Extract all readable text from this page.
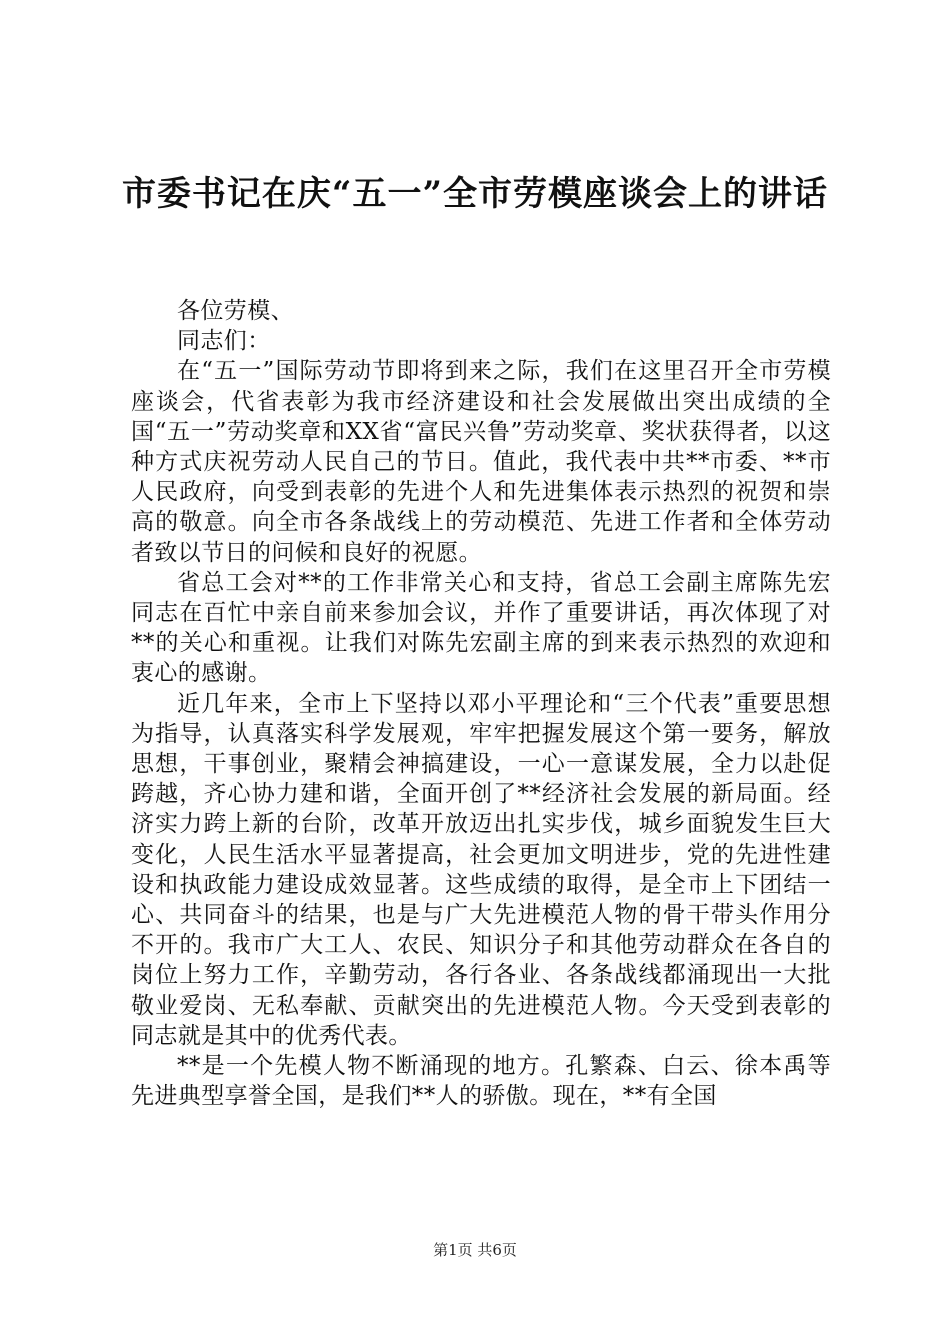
市委书记在庆“五一”全市劳模座谈会上的讲话

各位劳模、

同志们：

在“五一”国际劳动节即将到来之际，我们在这里召开全市劳模座谈会，代省表彰为我市经济建设和社会发展做出突出成绩的全国“五一”劳动奖章和XX省“富民兴鲁”劳动奖章、奖状获得者，以这种方式庆祝劳动人民自己的节日。值此，我代表中共**市委、**市人民政府，向受到表彰的先进个人和先进集体表示热烈的祝贺和崇高的敬意。向全市各条战线上的劳动模范、先进工作者和全体劳动者致以节日的问候和良好的祝愿。

省总工会对**的工作非常关心和支持，省总工会副主席陈先宏同志在百忙中亲自前来参加会议，并作了重要讲话，再次体现了对**的关心和重视。让我们对陈先宏副主席的到来表示热烈的欢迎和衷心的感谢。

近几年来，全市上下坚持以邓小平理论和“三个代表”重要思想为指导，认真落实科学发展观，牢牢把握发展这个第一要务，解放思想，干事创业，聚精会神搞建设，一心一意谋发展，全力以赴促跨越，齐心协力建和谐，全面开创了**经济社会发展的新局面。经济实力跨上新的台阶，改革开放迈出扎实步伐，城乡面貌发生巨大变化，人民生活水平显著提高，社会更加文明进步，党的先进性建设和执政能力建设成效显著。这些成绩的取得，是全市上下团结一心、共同奋斗的结果，也是与广大先进模范人物的骨干带头作用分不开的。我市广大工人、农民、知识分子和其他劳动群众在各自的岗位上努力工作，辛勤劳动，各行各业、各条战线都涌现出一大批敬业爱岗、无私奉献、贡献突出的先进模范人物。今天受到表彰的同志就是其中的优秀代表。

**是一个先模人物不断涌现的地方。孔繁森、白云、徐本禹等先进典型享誉全国，是我们**人的骄傲。现在，**有全国

第1页 共6页
